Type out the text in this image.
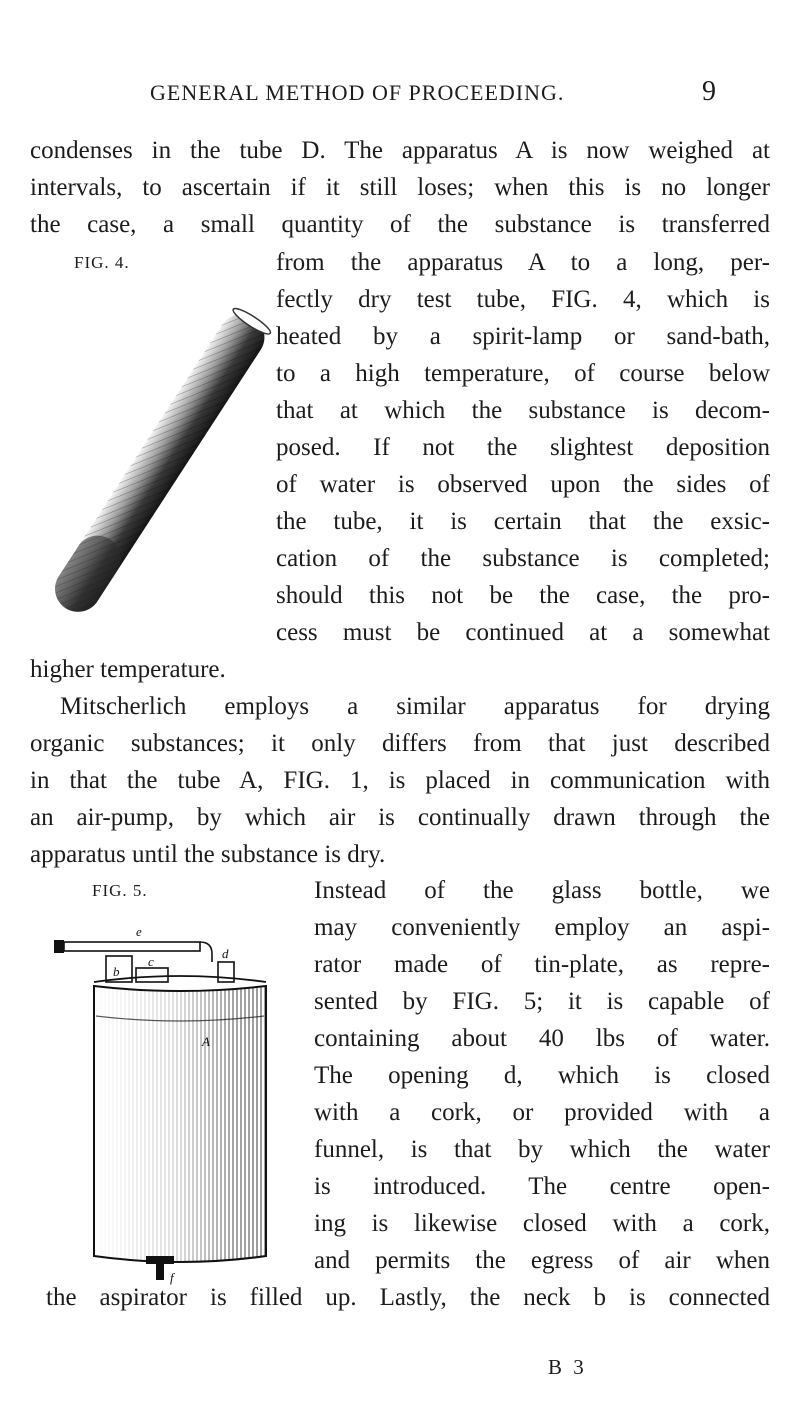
GENERAL METHOD OF PROCEEDING.	9
condenses in the tube D. The apparatus A is now weighed at
intervals, to ascertain if it still loses; when this is no longer
the case, a small quantity of the substance is transferred
FIG. 4.	from the apparatus A to a long, per-
fectly dry test tube, FIG. 4, which is
heated by a spirit-lamp or sand-bath,
to a high temperature, of course below
that at which the substance is decom-
posed. If not the slightest deposition
of water is observed upon the sides of
the tube, it is certain that the exsic-
cation of the substance is completed;
should this not be the case, the pro-
cess must be continued at a somewhat
higher temperature.
Mitscherlich employs a similar apparatus for drying
organic substances; it only differs from that just described
in that the tube A, FIG. 1, is placed in communication with
an air-pump, by which air is continually drawn through the
apparatus until the substance is dry.
FIG. 5.	Instead of the glass bottle, we
may conveniently employ an aspi-
rator made of tin-plate, as repre-
sented by FIG. 5; it is capable of
containing about 40 lbs of water.
The opening d, which is closed
with a cork, or provided with a
funnel, is that by which the water
is introduced. The centre open-
ing is likewise closed with a cork,
and permits the egress of air when
the aspirator is filled up. Lastly, the neck b is connected
B 3
e
b
c
d
A
f
